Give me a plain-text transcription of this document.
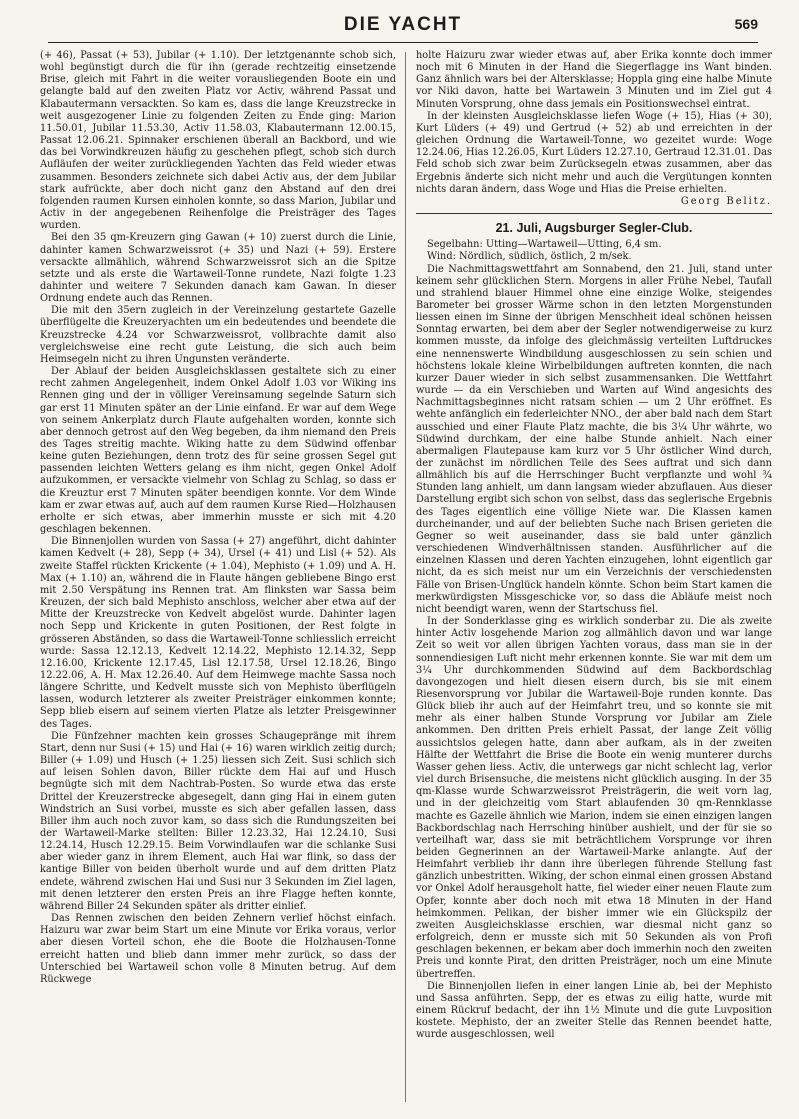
DIE YACHT	569

(+ 46), Passat (+ 53), Jubilar (+ 1.10). Der letztgenannte schob sich, wohl begünstigt durch die für ihn (gerade rechtzeitig einsetzende Brise, gleich mit Fahrt in die weiter vorausliegenden Boote ein und gelangte bald auf den zweiten Platz vor Activ, während Passat und Klabautermann versackten. So kam es, dass die lange Kreuzstrecke in weit ausgezogener Linie zu folgenden Zeiten zu Ende ging: Marion 11.50.01, Jubilar 11.53.30, Activ 11.58.03, Klabautermann 12.00.15, Passat 12.06.21. Spinnaker erschienen überall an Backbord, und wie das bei Vorwindkreuzen häufig zu geschehen pflegt, schob sich durch Aufläufen der weiter zurückliegenden Yachten das Feld wieder etwas zusammen. Besonders zeichnete sich dabei Activ aus, der dem Jubilar stark aufrückte, aber doch nicht ganz den Abstand auf den drei folgenden raumen Kursen einholen konnte, so dass Marion, Jubilar und Activ in der angegebenen Reihenfolge die Preisträger des Tages wurden.

Bei den 35 qm-Kreuzern ging Gawan (+ 10) zuerst durch die Linie, dahinter kamen Schwarzweissrot (+ 35) und Nazi (+ 59). Erstere versackte allmählich, während Schwarzweissrot sich an die Spitze setzte und als erste die Wartaweil-Tonne rundete, Nazi folgte 1.23 dahinter und weitere 7 Sekunden danach kam Gawan. In dieser Ordnung endete auch das Rennen.

Die mit den 35ern zugleich in der Vereinzelung gestartete Gazelle überflügelte die Kreuzeryachten um ein bedeutendes und beendete die Kreuzstrecke 4.24 vor Schwarzweissrot, vollbrachte damit also vergleichsweise eine recht gute Leistung, die sich auch beim Heimsegeln nicht zu ihren Ungunsten veränderte.

Der Ablauf der beiden Ausgleichsklassen gestaltete sich zu einer recht zahmen Angelegenheit, indem Onkel Adolf 1.03 vor Wiking ins Rennen ging und der in völliger Vereinsamung segelnde Saturn sich gar erst 11 Minuten später an der Linie einfand. Er war auf dem Wege von seinem Ankerplatz durch Flaute aufgehalten worden, konnte sich aber dennoch getrost auf den Weg begeben, da ihm niemand den Preis des Tages streitig machte. Wiking hatte zu dem Südwind offenbar keine guten Beziehungen, denn trotz des für seine grossen Segel gut passenden leichten Wetters gelang es ihm nicht, gegen Onkel Adolf aufzukommen, er versackte vielmehr von Schlag zu Schlag, so dass er die Kreuztur erst 7 Minuten später beendigen konnte. Vor dem Winde kam er zwar etwas auf, auch auf dem raumen Kurse Ried—Holzhausen erholte er sich etwas, aber immerhin musste er sich mit 4.20 geschlagen bekennen.

Die Binnenjollen wurden von Sassa (+ 27) angeführt, dicht dahinter kamen Kedvelt (+ 28), Sepp (+ 34), Ursel (+ 41) und Lisl (+ 52). Als zweite Staffel rückten Krickente (+ 1.04), Mephisto (+ 1.09) und A. H. Max (+ 1.10) an, während die in Flaute hängen gebliebene Bingo erst mit 2.50 Verspätung ins Rennen trat. Am flinksten war Sassa beim Kreuzen, der sich bald Mephisto anschloss, welcher aber etwa auf der Mitte der Kreuzstrecke von Kedvelt abgelöst wurde. Dahinter lagen noch Sepp und Krickente in guten Positionen, der Rest folgte in grösseren Abständen, so dass die Wartaweil-Tonne schliesslich erreicht wurde: Sassa 12.12.13, Kedvelt 12.14.22, Mephisto 12.14.32, Sepp 12.16.00, Krickente 12.17.45, Lisl 12.17.58, Ursel 12.18.26, Bingo 12.22.06, A. H. Max 12.26.40. Auf dem Heimwege machte Sassa noch längere Schritte, und Kedvelt musste sich von Mephisto überflügeln lassen, wodurch letzterer als zweiter Preisträger einkommen konnte; Sepp blieb eisern auf seinem vierten Platze als letzter Preisgewinner des Tages.

Die Fünfzehner machten kein grosses Schaugepränge mit ihrem Start, denn nur Susi (+ 15) und Hai (+ 16) waren wirklich zeitig durch; Biller (+ 1.09) und Husch (+ 1.25) liessen sich Zeit. Susi schlich sich auf leisen Sohlen davon, Biller rückte dem Hai auf und Husch begnügte sich mit dem Nachtrab-Posten. So wurde etwa das erste Drittel der Kreuzerstrecke abgesegelt, dann ging Hai in einem guten Windstrich an Susi vorbei, musste es sich aber gefallen lassen, dass Biller ihm auch noch zuvor kam, so dass sich die Rundungszeiten bei der Wartaweil-Marke stellten: Biller 12.23.32, Hai 12.24.10, Susi 12.24.14, Husch 12.29.15. Beim Vorwindlaufen war die schlanke Susi aber wieder ganz in ihrem Element, auch Hai war flink, so dass der kantige Biller von beiden überholt wurde und auf dem dritten Platz endete, während zwischen Hai und Susi nur 3 Sekunden im Ziel lagen, mit denen letzterer den ersten Preis an ihre Flagge heften konnte, während Biller 24 Sekunden später als dritter einlief.

Das Rennen zwischen den beiden Zehnern verlief höchst einfach. Haizuru war zwar beim Start um eine Minute vor Erika voraus, verlor aber diesen Vorteil schon, ehe die Boote die Holzhausen-Tonne erreicht hatten und blieb dann immer mehr zurück, so dass der Unterschied bei Wartaweil schon volle 8 Minuten betrug. Auf dem Rückwege

holte Haizuru zwar wieder etwas auf, aber Erika konnte doch immer noch mit 6 Minuten in der Hand die Siegerflagge ins Want binden. Ganz ähnlich wars bei der Altersklasse; Hoppla ging eine halbe Minute vor Niki davon, hatte bei Wartawein 3 Minuten und im Ziel gut 4 Minuten Vorsprung, ohne dass jemals ein Positionswechsel eintrat.

In der kleinsten Ausgleichsklasse liefen Woge (+ 15), Hias (+ 30), Kurt Lüders (+ 49) und Gertrud (+ 52) ab und erreichten in der gleichen Ordnung die Wartaweil-Tonne, wo gezeitet wurde: Woge 12.24.06, Hias 12.26.05, Kurt Lüders 12.27.10, Gertraud 12.31.01. Das Feld schob sich zwar beim Zurücksegeln etwas zusammen, aber das Ergebnis änderte sich nicht mehr und auch die Vergütungen konnten nichts daran ändern, dass Woge und Hias die Preise erhielten.

Georg Belitz.
21. Juli, Augsburger Segler-Club.
Segelbahn: Utting—Wartaweil—Utting, 6,4 sm.
Wind: Nördlich, südlich, östlich, 2 m/sek.

Die Nachmittagswettfahrt am Sonnabend, den 21. Juli, stand unter keinem sehr glücklichen Stern. Morgens in aller Frühe Nebel, Taufall und strahlend blauer Himmel ohne eine einzige Wolke, steigendes Barometer bei grosser Wärme schon in den letzten Morgenstunden liessen einen im Sinne der übrigen Menschheit ideal schönen heissen Sonntag erwarten, bei dem aber der Segler notwendigerweise zu kurz kommen musste, da infolge des gleichmässig verteilten Luftdruckes eine nennenswerte Windbildung ausgeschlossen zu sein schien und höchstens lokale kleine Wirbelbildungen auftreten konnten, die nach kurzer Dauer wieder in sich selbst zusammensanken. Die Wettfahrt wurde — da ein Verschieben und Warten auf Wind angesichts des Nachmittagsbeginnes nicht ratsam schien — um 2 Uhr eröffnet. Es wehte anfänglich ein federleichter NNO., der aber bald nach dem Start ausschied und einer Flaute Platz machte, die bis 3¼ Uhr währte, wo Südwind durchkam, der eine halbe Stunde anhielt. Nach einer abermaligen Flautepause kam kurz vor 5 Uhr östlicher Wind durch, der zunächst im nördlichen Teile des Sees auftrat und sich dann allmählich bis auf die Herrschinger Bucht verpflanzte und wohl ¾ Stunden lang anhielt, um dann langsam wieder abzuflauen. Aus dieser Darstellung ergibt sich schon von selbst, dass das seglerische Ergebnis des Tages eigentlich eine völlige Niete war. Die Klassen kamen durcheinander, und auf der beliebten Suche nach Brisen gerieten die Gegner so weit auseinander, dass sie bald unter gänzlich verschiedenen Windverhältnissen standen. Ausführlicher auf die einzelnen Klassen und deren Yachten einzugehen, lohnt eigentlich gar nicht, da es sich meist nur um ein Verzeichnis der verschiedensten Fälle von Brisen-Unglück handeln könnte. Schon beim Start kamen die merkwürdigsten Missgeschicke vor, so dass die Abläufe meist noch nicht beendigt waren, wenn der Startschuss fiel.

In der Sonderklasse ging es wirklich sonderbar zu. Die als zweite hinter Activ losgehende Marion zog allmählich davon und war lange Zeit so weit vor allen übrigen Yachten voraus, dass man sie in der sonnendiesigen Luft nicht mehr erkennen konnte. Sie war mit dem um 3¼ Uhr durchkommenden Südwind auf dem Backbordschlag davongezogen und hielt diesen eisern durch, bis sie mit einem Riesenvorsprung vor Jubilar die Wartaweil-Boje runden konnte. Das Glück blieb ihr auch auf der Heimfahrt treu, und so konnte sie mit mehr als einer halben Stunde Vorsprung vor Jubilar am Ziele ankommen. Den dritten Preis erhielt Passat, der lange Zeit völlig aussichtslos gelegen hatte, dann aber aufkam, als in der zweiten Hälfte der Wettfahrt die Brise die Boote ein wenig munterer durchs Wasser gehen liess. Activ, die unterwegs gar nicht schlecht lag, verlor viel durch Brisensuche, die meistens nicht glücklich ausging. In der 35 qm-Klasse wurde Schwarzweissrot Preisträgerin, die weit vorn lag, und in der gleichzeitig vom Start ablaufenden 30 qm-Rennklasse machte es Gazelle ähnlich wie Marion, indem sie einen einzigen langen Backbordschlag nach Herrsching hinüber aushielt, und der für sie so verteilhaft war, dass sie mit beträchtlichem Vorsprunge vor ihren beiden Gegnerinnen an der Wartaweil-Marke anlangte. Auf der Heimfahrt verblieb ihr dann ihre überlegen führende Stellung fast gänzlich unbestritten. Wiking, der schon einmal einen grossen Abstand vor Onkel Adolf herausgeholt hatte, fiel wieder einer neuen Flaute zum Opfer, konnte aber doch noch mit etwa 18 Minuten in der Hand heimkommen. Pelikan, der bisher immer wie ein Glückspilz der zweiten Ausgleichsklasse erschien, war diesmal nicht ganz so erfolgreich, denn er musste sich mit 50 Sekunden als von Profi geschlagen bekennen, er bekam aber doch immerhin noch den zweiten Preis und konnte Pirat, den dritten Preisträger, noch um eine Minute übertreffen.

Die Binnenjollen liefen in einer langen Linie ab, bei der Mephisto und Sassa anführten. Sepp, der es etwas zu eilig hatte, wurde mit einem Rückruf bedacht, der ihn 1½ Minute und die gute Luvposition kostete. Mephisto, der an zweiter Stelle das Rennen beendet hatte, wurde ausgeschlossen, weil
